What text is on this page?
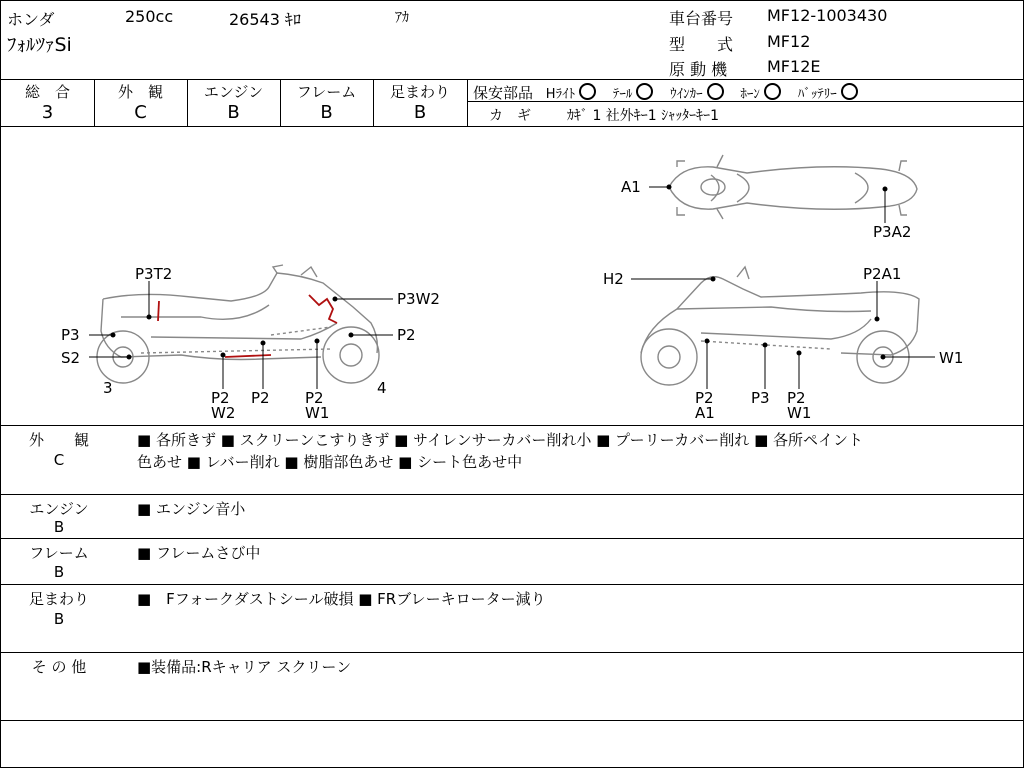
ホンダ	250cc	26543 ｷﾛ	ｱｶ
ﾌｫﾙﾂｧSi
車台番号 MF12-1003430
型　　式 MF12
原 動 機 MF12E
総　合
3
外　観
C
エンジン
B
フレーム
B
足まわり
B
保安部品 Hﾗｲﾄ	ﾃｰﾙ	ｳｲﾝｶｰ	ﾎｰﾝ	ﾊﾞｯﾃﾘｰ
カ　ギ	ｶｷﾞ 1 社外ｷｰ1 ｼｬｯﾀｰｷｰ1
A1
P3A2
P3T2
P3W2
P3	P2
S2
3	4
P2
W2
P2 P2
W1
H2	P2A1
W1
P2
A1
P3 P2
W1
外　　観
C
■ 各所きず ■ スクリーンこすりきず ■ サイレンサーカバー削れ小 ■ プーリーカバー削れ ■ 各所ペイント
色あせ ■ レバー削れ ■ 樹脂部色あせ ■ シート色あせ中
エンジン
B
■ エンジン音小
フレーム
B
■ フレームさび中
足まわり
B
■　Fフォークダストシール破損 ■ FRブレーキローター減り
そ の 他	■装備品:Rキャリア スクリーン
